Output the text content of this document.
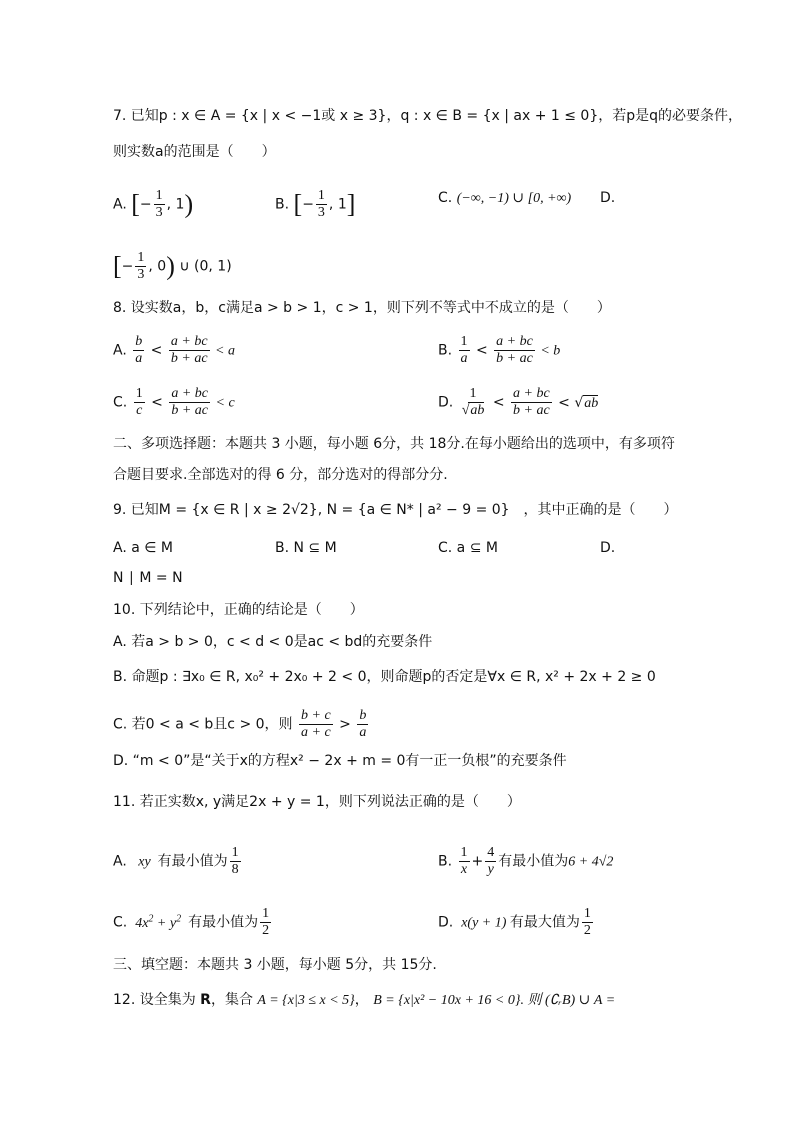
7. 已知p : x ∈ A = {x | x < −1或 x ≥ 3}，q : x ∈ B = {x | ax + 1 ≤ 0}，若p是q的必要条件，
则实数a的范围是（　　）
A. [− $\frac{1}{3}$ , 1)	B. [− $\frac{1}{3}$ , 1]	C. (−∞, −1) ∪ [0, +∞) D.
[− $\frac{1}{3}$ , 0) ∪ (0, 1)
8. 设实数a，b，c满足a > b > 1，c > 1，则下列不等式中不成立的是（　　）
A. $\frac{b}{a} < \frac{a + bc}{b + ac} < a$	B. $\frac{1}{a} < \frac{a + bc}{b + ac} < b$
C. $\frac{1}{c} < \frac{a + bc}{b + ac} < c$	D. $\frac{1}{√ab} < \frac{a + bc}{b + ac} < √ab$
二、多项选择题：本题共 3 小题，每小题 6分，共 18分.在每小题给出的选项中，有多项符
合题目要求.全部选对的得 6 分，部分选对的得部分分.
9. 已知M = {x ∈ R | x ≥ 2√2}, N = {a ∈ N* | a² − 9 = 0}　，其中正确的是（　　）
A. a ∈ M	B. N ⊆ M	C. a ⊆ M	D.
N ∣ M = N
10. 下列结论中，正确的结论是（　　）
A. 若a > b > 0，c < d < 0是ac < bd的充要条件
B. 命题p : ∃x₀ ∈ R, x₀² + 2x₀ + 2 < 0，则命题p的否定是∀x ∈ R, x² + 2x + 2 ≥ 0
C. 若0 < a < b且c > 0，则 $\frac{b + c}{a + c} > \frac{b}{a}$
D. “m < 0”是“关于x的方程x² − 2x + m = 0有一正一负根”的充要条件
11. 若正实数x, y满足2x + y = 1，则下列说法正确的是（　　）
A.   xy  有最小值为 $\frac{1}{8}$	B. $\frac{1}{x} + \frac{4}{y}$ 有最小值为6 + 4√2
C.  $4x^2 + y^2$ 有最小值为 $\frac{1}{2}$	D.  x(y + 1) 有最大值为 $\frac{1}{2}$
三、填空题：本题共 3 小题，每小题 5分，共 15分.
12. 设全集为 R，集合 A = {x|3 ≤ x < 5}， B = {x|x² − 10x + 16 < 0}. 则 (∁ᵣB) ∪ A =
